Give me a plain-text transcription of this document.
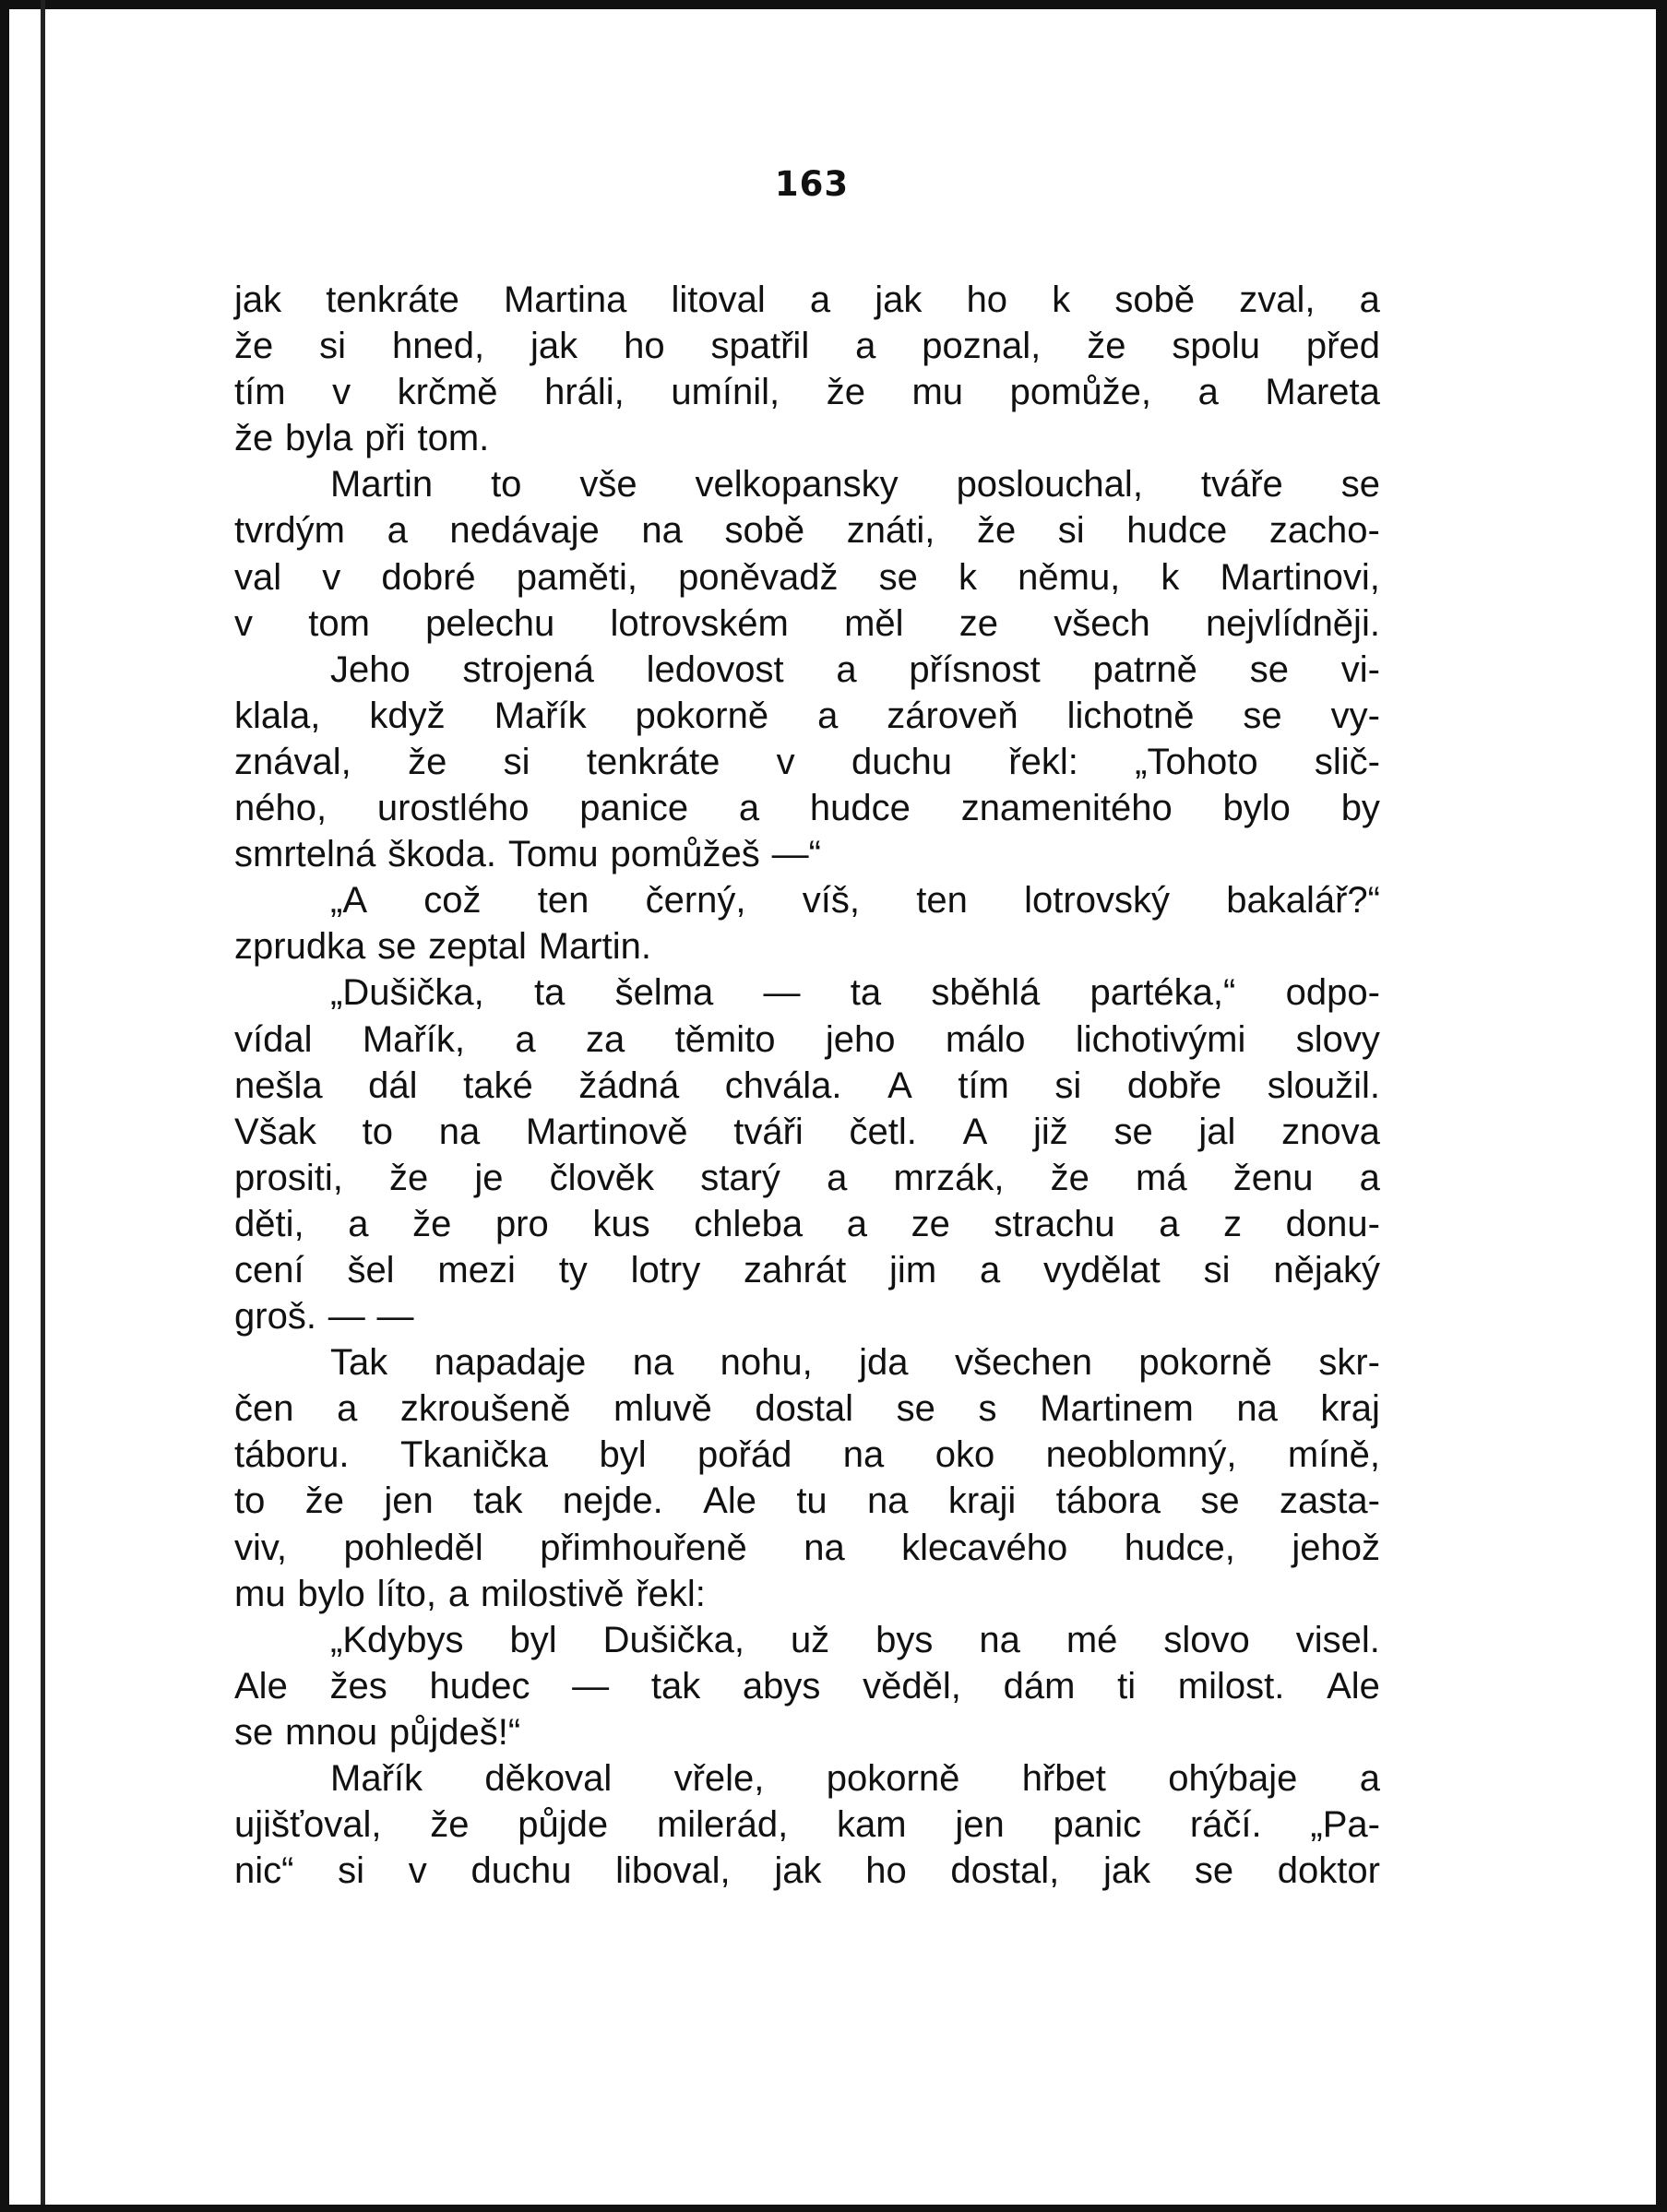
163
jak tenkráte Martina litoval a jak ho k sobě zval, a
že si hned, jak ho spatřil a poznal, že spolu před
tím v krčmě hráli, umínil, že mu pomůže, a Mareta
že byla při tom.
Martin to vše velkopansky poslouchal, tváře se
tvrdým a nedávaje na sobě znáti, že si hudce zacho-
val v dobré paměti, poněvadž se k němu, k Martinovi,
v tom pelechu lotrovském měl ze všech nejvlídněji.
Jeho strojená ledovost a přísnost patrně se vi-
klala, když Mařík pokorně a zároveň lichotně se vy-
znával, že si tenkráte v duchu řekl: „Tohoto slič-
ného, urostlého panice a hudce znamenitého bylo by
smrtelná škoda. Tomu pomůžeš —“
„A což ten černý, víš, ten lotrovský bakalář?“
zprudka se zeptal Martin.
„Dušička, ta šelma — ta sběhlá partéka,“ odpo-
vídal Mařík, a za těmito jeho málo lichotivými slovy
nešla dál také žádná chvála. A tím si dobře sloužil.
Však to na Martinově tváři četl. A již se jal znova
prositi, že je člověk starý a mrzák, že má ženu a
děti, a že pro kus chleba a ze strachu a z donu-
cení šel mezi ty lotry zahrát jim a vydělat si nějaký
groš. — —
Tak napadaje na nohu, jda všechen pokorně skr-
čen a zkroušeně mluvě dostal se s Martinem na kraj
táboru. Tkanička byl pořád na oko neoblomný, míně,
to že jen tak nejde. Ale tu na kraji tábora se zasta-
viv, pohleděl přimhouřeně na klecavého hudce, jehož
mu bylo líto, a milostivě řekl:
„Kdybys byl Dušička, už bys na mé slovo visel.
Ale žes hudec — tak abys věděl, dám ti milost. Ale
se mnou půjdeš!“
Mařík děkoval vřele, pokorně hřbet ohýbaje a
ujišťoval, že půjde milerád, kam jen panic ráčí. „Pa-
nic“ si v duchu liboval, jak ho dostal, jak se doktor
